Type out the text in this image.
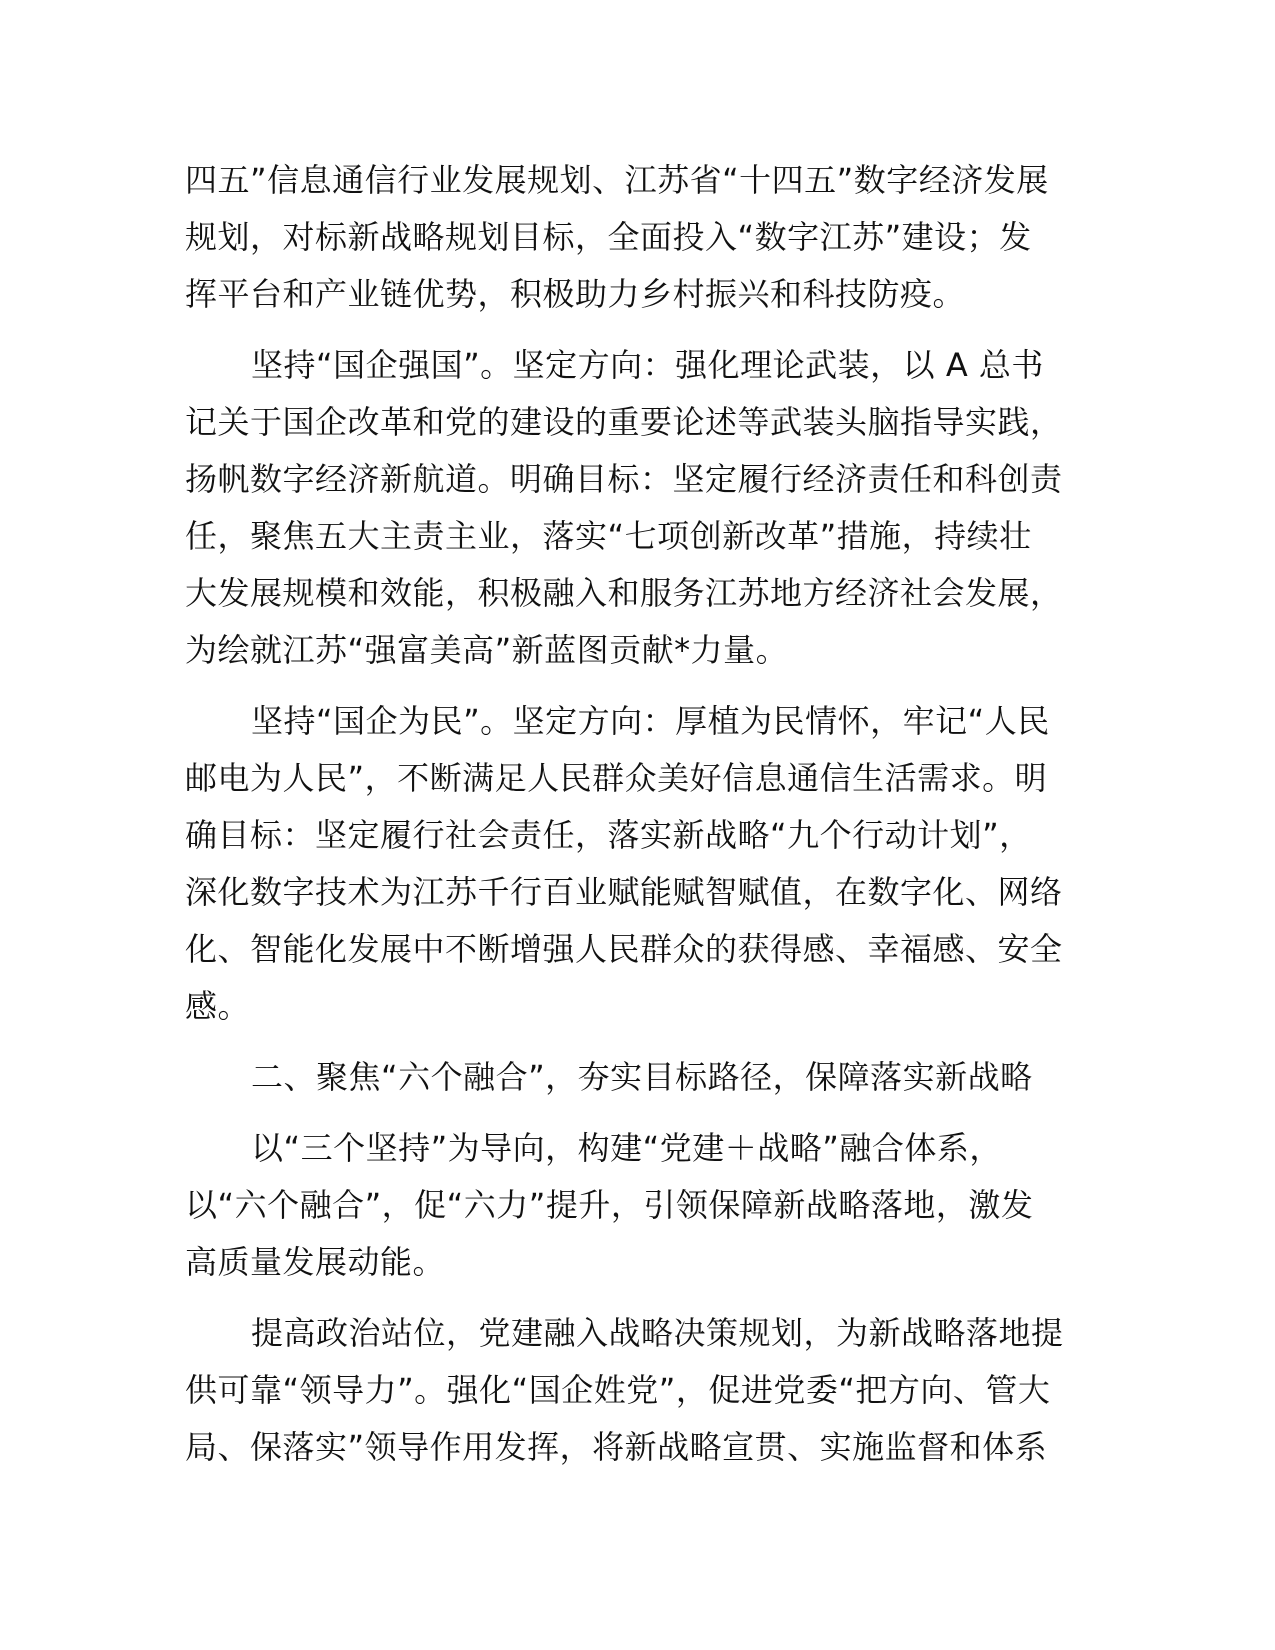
四五”信息通信行业发展规划、江苏省“十四五”数字经济发展
规划，对标新战略规划目标，全面投入“数字江苏”建设；发
挥平台和产业链优势，积极助力乡村振兴和科技防疫。
坚持“国企强国”。坚定方向：强化理论武装，以 A 总书
记关于国企改革和党的建设的重要论述等武装头脑指导实践，
扬帆数字经济新航道。明确目标：坚定履行经济责任和科创责
任，聚焦五大主责主业，落实“七项创新改革”措施，持续壮
大发展规模和效能，积极融入和服务江苏地方经济社会发展，
为绘就江苏“强富美高”新蓝图贡献*力量。
坚持“国企为民”。坚定方向：厚植为民情怀，牢记“人民
邮电为人民”，不断满足人民群众美好信息通信生活需求。明
确目标：坚定履行社会责任，落实新战略“九个行动计划”，
深化数字技术为江苏千行百业赋能赋智赋值，在数字化、网络
化、智能化发展中不断增强人民群众的获得感、幸福感、安全
感。
二、聚焦“六个融合”，夯实目标路径，保障落实新战略
以“三个坚持”为导向，构建“党建＋战略”融合体系，
以“六个融合”，促“六力”提升，引领保障新战略落地，激发
高质量发展动能。
提高政治站位，党建融入战略决策规划，为新战略落地提
供可靠“领导力”。强化“国企姓党”，促进党委“把方向、管大
局、保落实”领导作用发挥，将新战略宣贯、实施监督和体系
